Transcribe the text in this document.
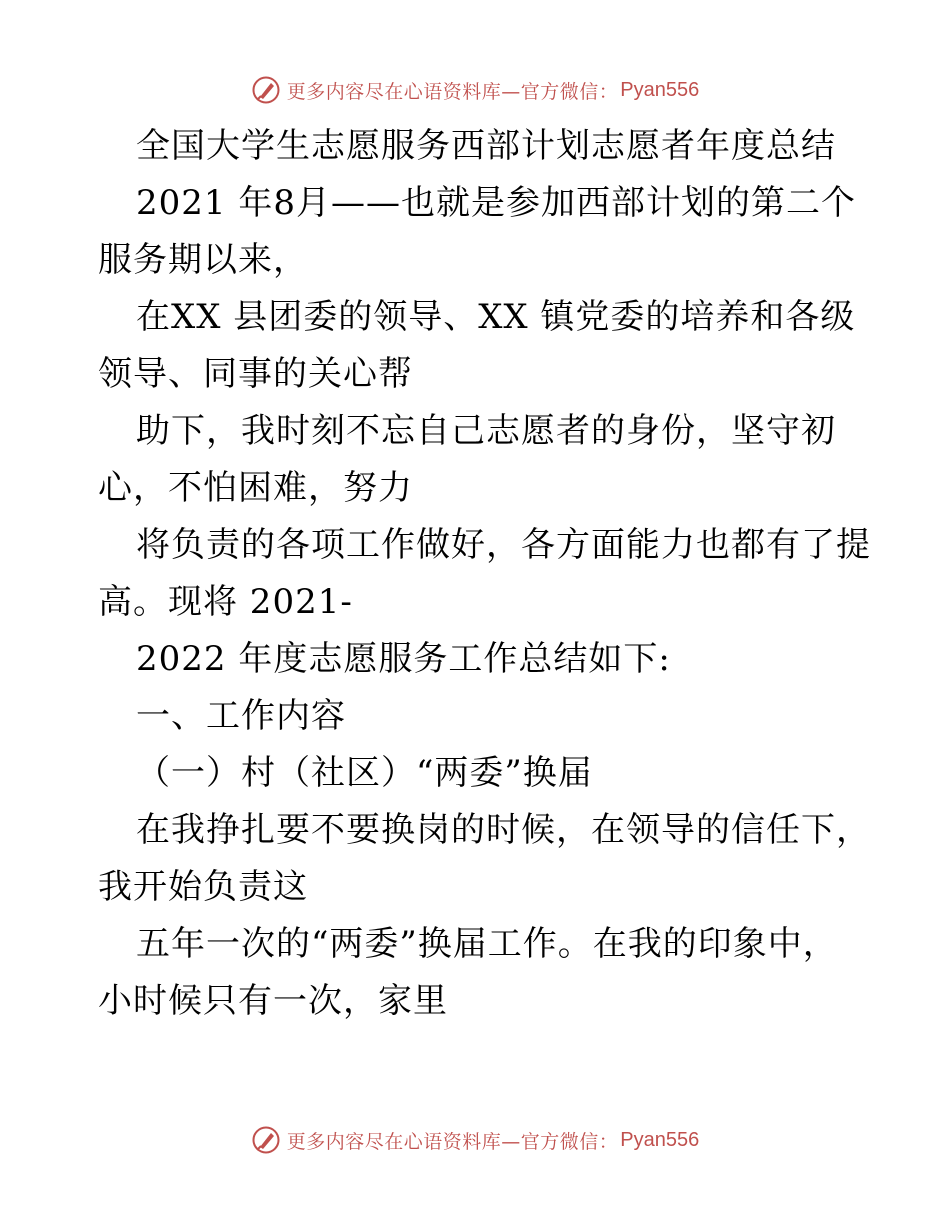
更多内容尽在心语资料库—官方微信： Pyan556
全国大学生志愿服务西部计划志愿者年度总结
2021 年8月——也就是参加西部计划的第二个
服务期以来，
在XX 县团委的领导、XX 镇党委的培养和各级
领导、同事的关心帮
助下，我时刻不忘自己志愿者的身份，坚守初
心，不怕困难，努力
将负责的各项工作做好，各方面能力也都有了提
高。现将 2021-
2022 年度志愿服务工作总结如下:
一、工作内容
（一）村（社区）“两委”换届
在我挣扎要不要换岗的时候，在领导的信任下，
我开始负责这
五年一次的“两委”换届工作。在我的印象中，
小时候只有一次，家里
更多内容尽在心语资料库—官方微信： Pyan556
